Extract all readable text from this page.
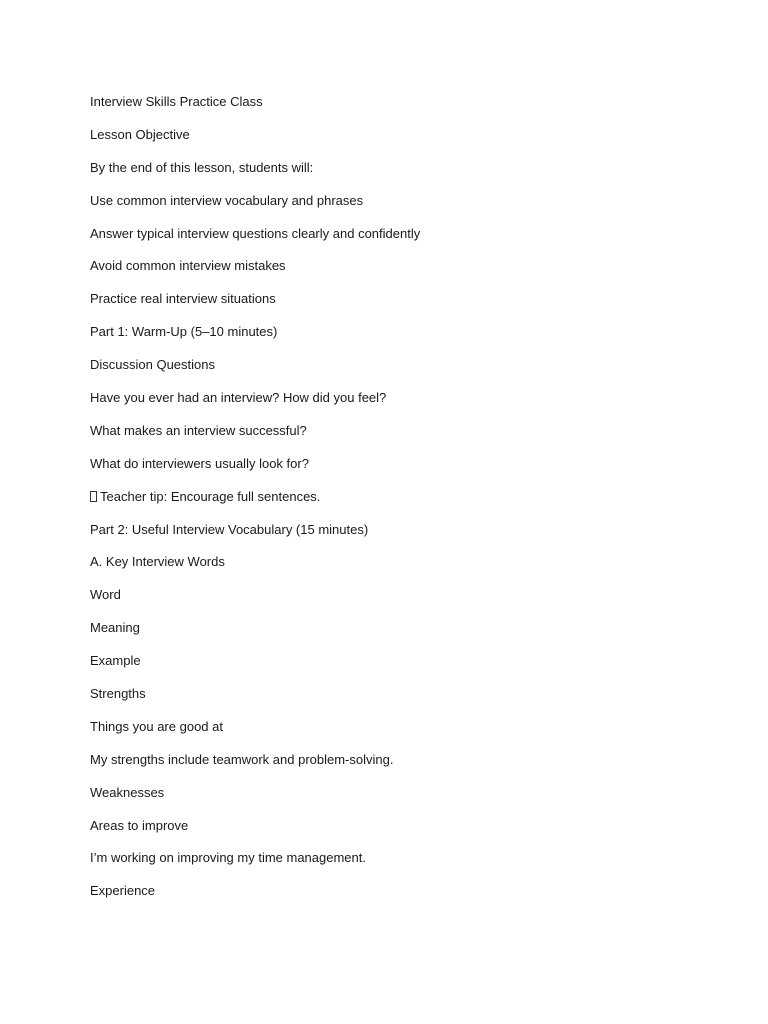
Interview Skills Practice Class
Lesson Objective
By the end of this lesson, students will:
Use common interview vocabulary and phrases
Answer typical interview questions clearly and confidently
Avoid common interview mistakes
Practice real interview situations
Part 1: Warm-Up (5–10 minutes)
Discussion Questions
Have you ever had an interview? How did you feel?
What makes an interview successful?
What do interviewers usually look for?
Teacher tip: Encourage full sentences.
Part 2: Useful Interview Vocabulary (15 minutes)
A. Key Interview Words
Word
Meaning
Example
Strengths
Things you are good at
My strengths include teamwork and problem-solving.
Weaknesses
Areas to improve
I’m working on improving my time management.
Experience
